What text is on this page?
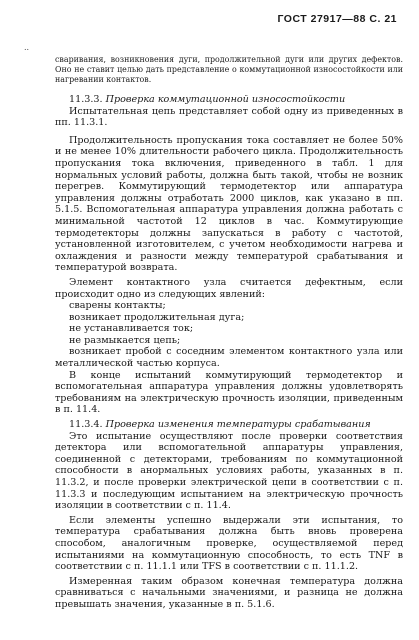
ГОСТ 27917—88 С. 21
..

сваривания, возникновения дуги, продолжительной дуги или других дефектов. Оно не ставит целью дать представление о коммутационной износостойкости или нагревании контактов.

11.3.3. Проверка коммутационной износостойкости

Испытательная цепь представляет собой одну из приведенных в пп. 11.3.1.

Продолжительность пропускания тока составляет не более 50% и не менее 10% длительности рабочего цикла. Продолжительность пропускания тока включения, приведенного в табл. 1 для нормальных условий работы, должна быть такой, чтобы не возник перегрев. Коммутирующий термодетектор или аппаратура управления должны отработать 2000 циклов, как указано в пп. 5.1.5. Вспомогательная аппаратура управления должна работать с минимальной частотой 12 циклов в час. Коммутирующие термодетекторы должны запускаться в работу с частотой, установленной изготовителем, с учетом необходимости нагрева и охлаждения и разности между температурой срабатывания и температурой возврата.

Элемент контактного узла считается дефектным, если происходит одно из следующих явлений:

сварены контакты;

возникает продолжительная дуга;

не устанавливается ток;

не размыкается цепь;

возникает пробой с соседним элементом контактного узла или металлической частью корпуса.

В конце испытаний коммутирующий термодетектор и вспомогательная аппаратура управления должны удовлетворять требованиям на электрическую прочность изоляции, приведенным в п. 11.4.

11.3.4. Проверка изменения температуры срабатывания

Это испытание осуществляют после проверки соответствия детектора или вспомогательной аппаратуры управления, соединенной с детекторами, требованиям по коммутационной способности в анормальных условиях работы, указанных в п. 11.3.2, и после проверки электрической цепи в соответствии с п. 11.3.3 и последующим испытанием на электрическую прочность изоляции в соответствии с п. 11.4.

Если элементы успешно выдержали эти испытания, то температура срабатывания должна быть вновь проверена способом, аналогичным проверке, осуществляемой перед испытаниями на коммутационную способность, то есть TNF в соответствии с п. 11.1.1 или TFS в соответствии с п. 11.1.2.

Измеренная таким образом конечная температура должна сравниваться с начальными значениями, и разница не должна превышать значения, указанные в п. 5.1.6.
